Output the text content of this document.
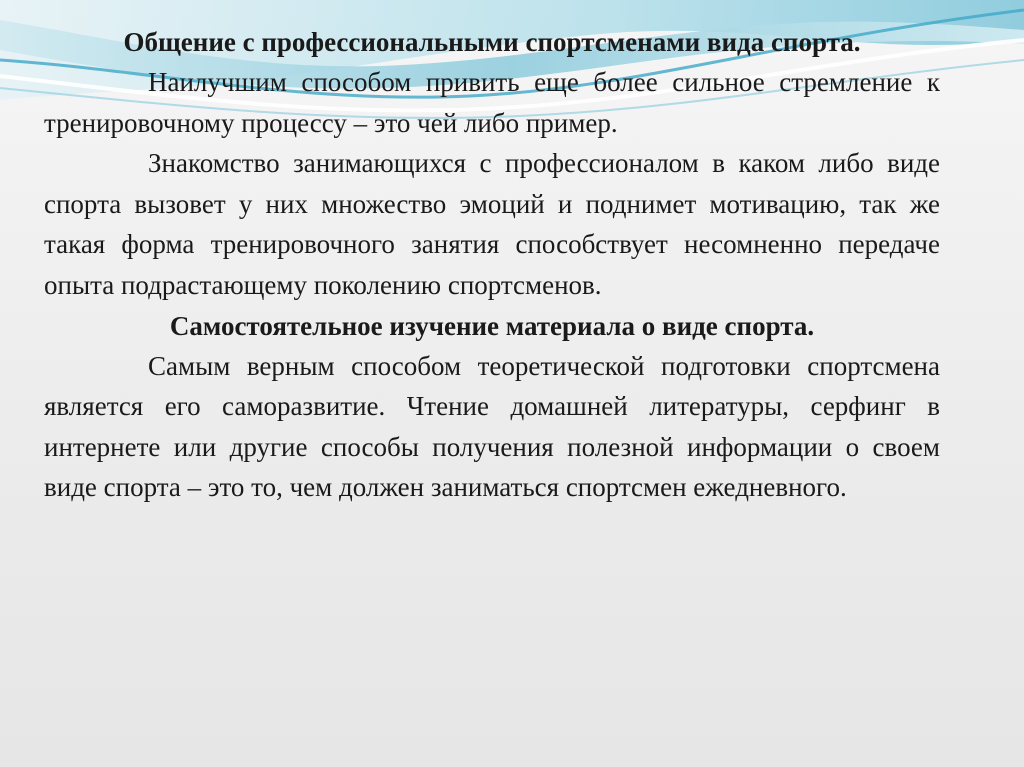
Общение с профессиональными спортсменами вида спорта.

Наилучшим способом привить еще более сильное стремление к тренировочному процессу – это чей либо пример.

Знакомство занимающихся с профессионалом в каком либо виде спорта вызовет у них множество эмоций и поднимет мотивацию, так же такая форма тренировочного занятия способствует несомненно передаче опыта подрастающему поколению спортсменов.

Самостоятельное изучение материала о виде спорта.

Самым верным способом теоретической подготовки спортсмена является его саморазвитие. Чтение домашней литературы, серфинг в интернете или другие способы получения полезной информации о своем виде спорта – это то, чем должен заниматься спортсмен ежедневного.
